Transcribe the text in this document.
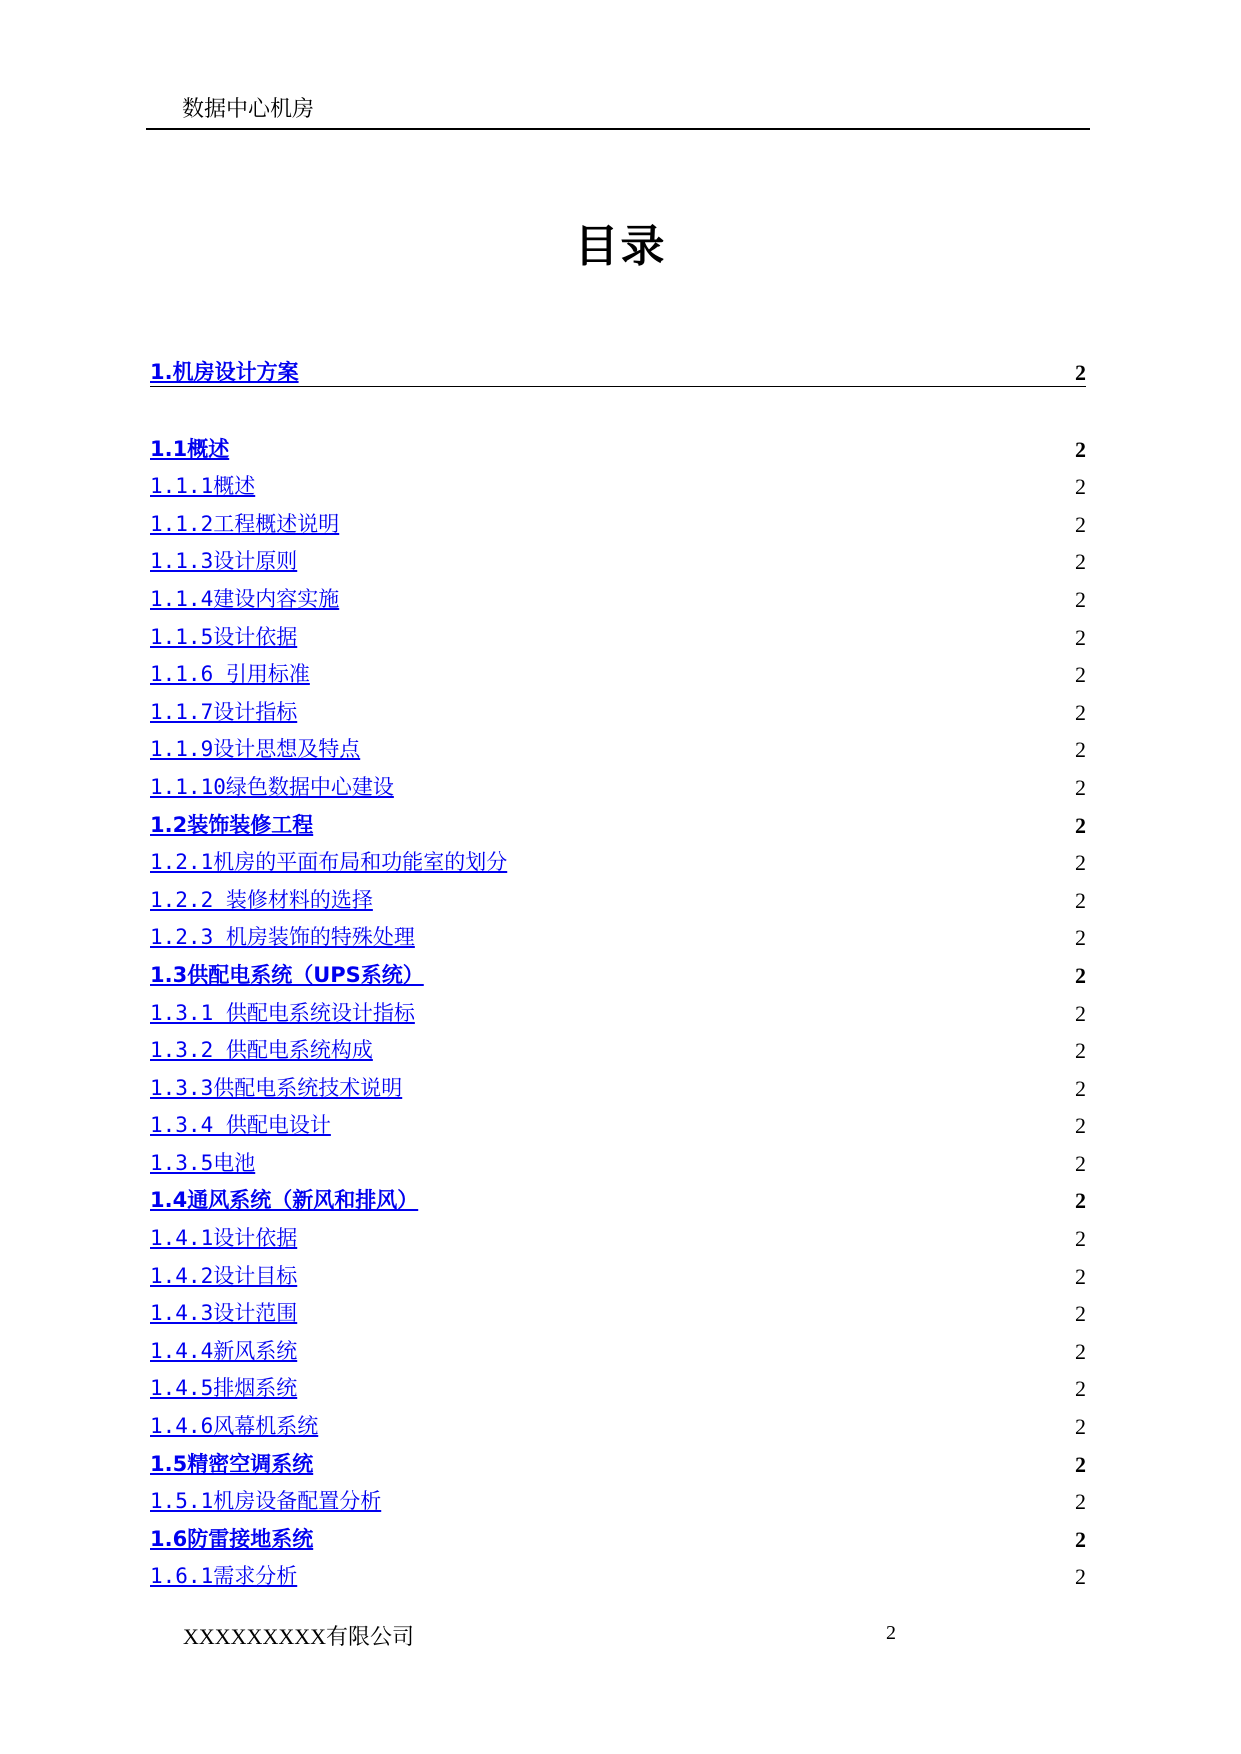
数据中心机房
目录
1.机房设计方案	2
1.1概述	2
1.1.1概述	2
1.1.2工程概述说明	2
1.1.3设计原则	2
1.1.4建设内容实施	2
1.1.5设计依据	2
1.1.6 引用标准	2
1.1.7设计指标	2
1.1.9设计思想及特点	2
1.1.10绿色数据中心建设	2
1.2装饰装修工程	2
1.2.1机房的平面布局和功能室的划分	2
1.2.2 装修材料的选择	2
1.2.3 机房装饰的特殊处理	2
1.3供配电系统（UPS系统）	2
1.3.1 供配电系统设计指标	2
1.3.2 供配电系统构成	2
1.3.3供配电系统技术说明	2
1.3.4 供配电设计	2
1.3.5电池	2
1.4通风系统（新风和排风）	2
1.4.1设计依据	2
1.4.2设计目标	2
1.4.3设计范围	2
1.4.4新风系统	2
1.4.5排烟系统	2
1.4.6风幕机系统	2
1.5精密空调系统	2
1.5.1机房设备配置分析	2
1.6防雷接地系统	2
1.6.1需求分析	2
XXXXXXXXX有限公司	2
